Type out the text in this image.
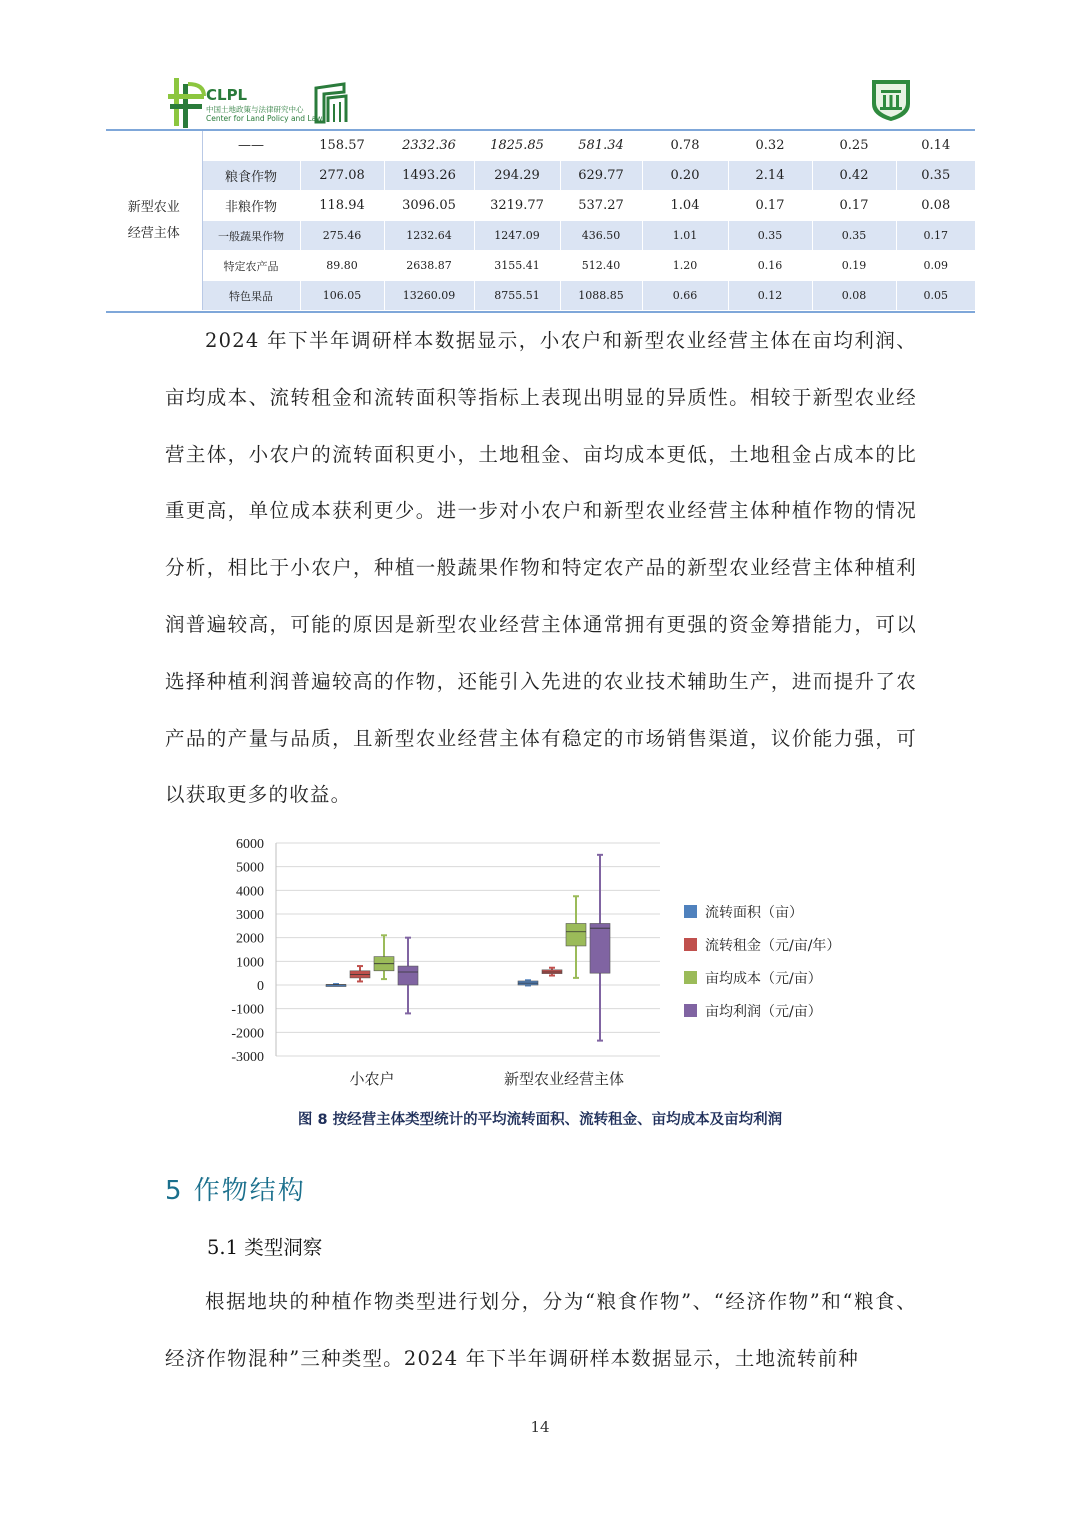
CLPL
中国土地政策与法律研究中心
Center for Land Policy and Law
新型农业
经营主体	——	158.57	2332.36	1825.85	581.34	0.78	0.32	0.25	0.14
	粮食作物	277.08	1493.26	294.29	629.77	0.20	2.14	0.42	0.35
	非粮作物	118.94	3096.05	3219.77	537.27	1.04	0.17	0.17	0.08
	一般蔬果作物	275.46	1232.64	1247.09	436.50	1.01	0.35	0.35	0.17
	特定农产品	89.80	2638.87	3155.41	512.40	1.20	0.16	0.19	0.09
	特色果品	106.05	13260.09	8755.51	1088.85	0.66	0.12	0.08	0.05
2024 年下半年调研样本数据显示，小农户和新型农业经营主体在亩均利润、亩均成本、流转租金和流转面积等指标上表现出明显的异质性。相较于新型农业经营主体，小农户的流转面积更小，土地租金、亩均成本更低，土地租金占成本的比重更高，单位成本获利更少。进一步对小农户和新型农业经营主体种植作物的情况分析，相比于小农户，种植一般蔬果作物和特定农产品的新型农业经营主体种植利润普遍较高，可能的原因是新型农业经营主体通常拥有更强的资金筹措能力，可以选择种植利润普遍较高的作物，还能引入先进的农业技术辅助生产，进而提升了农产品的产量与品质，且新型农业经营主体有稳定的市场销售渠道，议价能力强，可以获取更多的收益。
6000
5000
4000
3000
2000
1000
0
-1000
-2000
-3000
小农户	新型农业经营主体
流转面积（亩）
流转租金（元/亩/年）
亩均成本（元/亩）
亩均利润（元/亩）
图 8 按经营主体类型统计的平均流转面积、流转租金、亩均成本及亩均利润
5 作物结构
5.1 类型洞察
根据地块的种植作物类型进行划分，分为“粮食作物”、“经济作物”和“粮食、经济作物混种”三种类型。2024 年下半年调研样本数据显示，土地流转前种
14
